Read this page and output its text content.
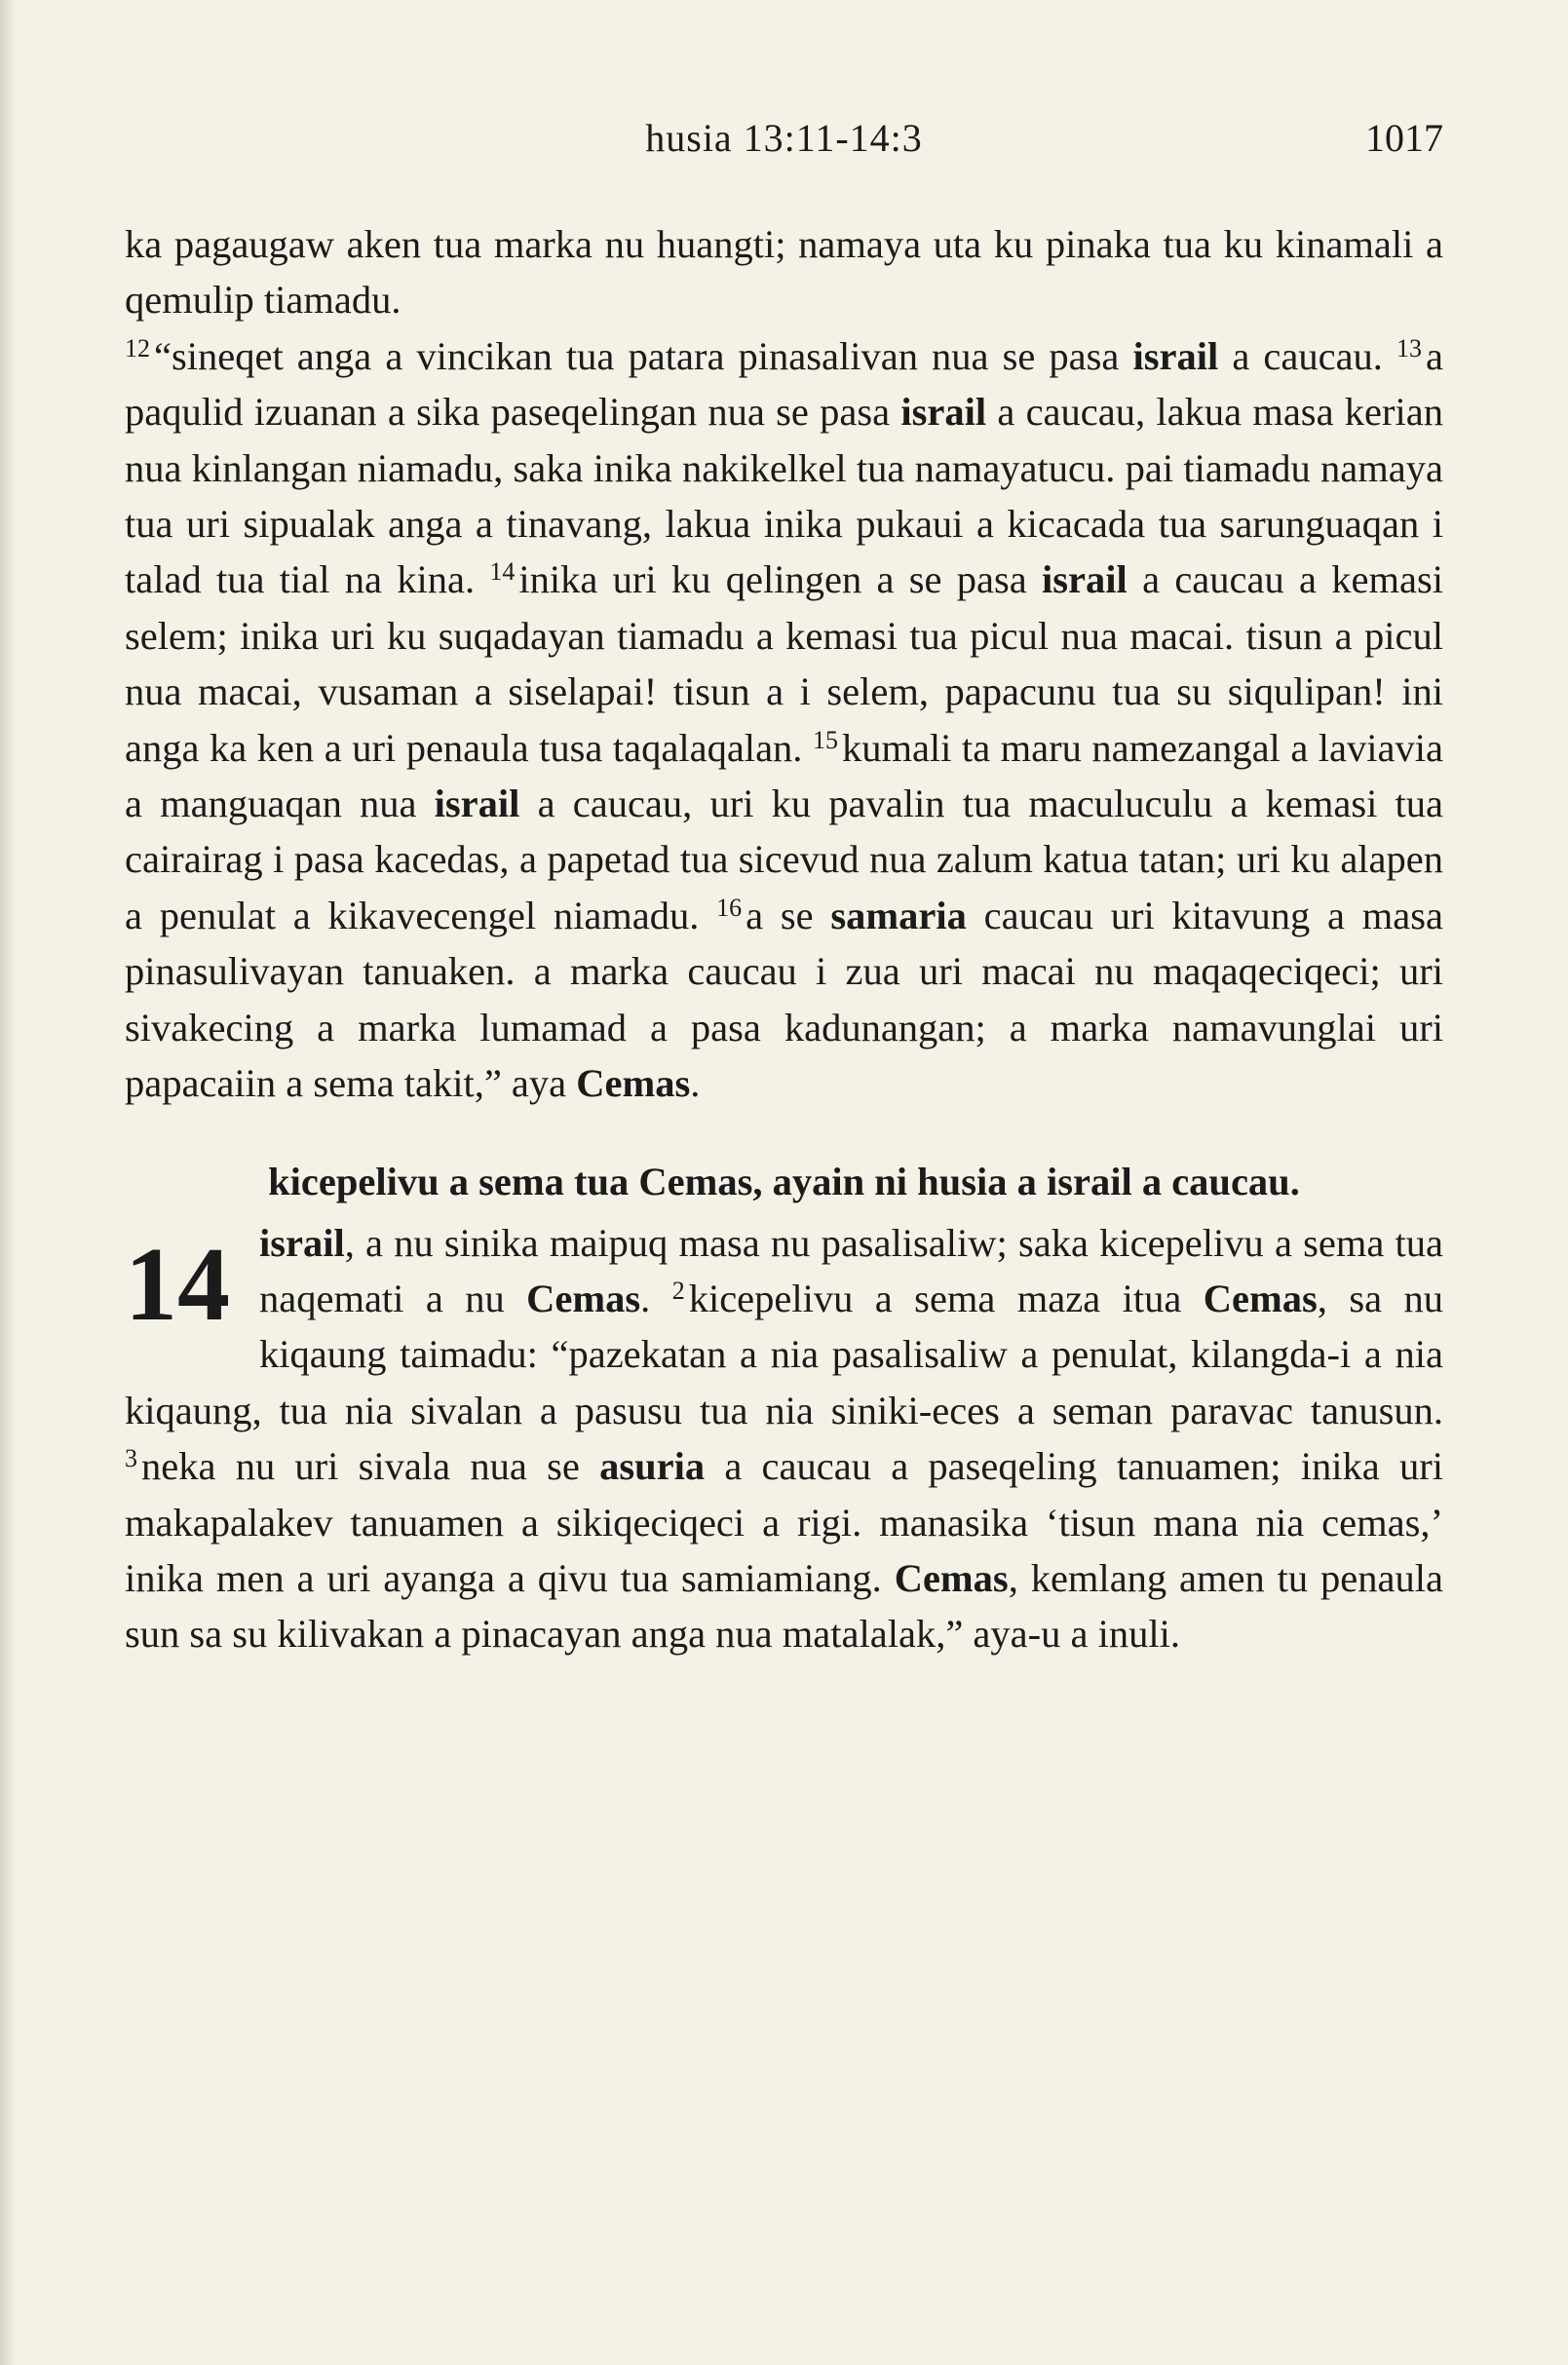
husia 13:11-14:3	1017

ka pagaugaw aken tua marka nu huangti; namaya uta ku pinaka tua ku kinamali a qemulip tiamadu.

$^{12}$“sineqet anga a vincikan tua patara pinasalivan nua se pasa israil a caucau. $^{13}$a paqulid izuanan a sika paseqelingan nua se pasa israil a caucau, lakua masa kerian nua kinlangan niamadu, saka inika nakikelkel tua namayatucu. pai tiamadu namaya tua uri sipualak anga a tinavang, lakua inika pukaui a kicacada tua sarunguaqan i talad tua tial na kina. $^{14}$inika uri ku qelingen a se pasa israil a caucau a kemasi selem; inika uri ku suqadayan tiamadu a kemasi tua picul nua macai. tisun a picul nua macai, vusaman a siselapai! tisun a i selem, papacunu tua su siqulipan! ini anga ka ken a uri penaula tusa taqalaqalan. $^{15}$kumali ta maru namezangal a laviavia a manguaqan nua israil a caucau, uri ku pavalin tua maculuculu a kemasi tua cairairag i pasa kacedas, a papetad tua sicevud nua zalum katua tatan; uri ku alapen a penulat a kikavecengel niamadu. $^{16}$a se samaria caucau uri kitavung a masa pinasulivayan tanuaken. a marka caucau i zua uri macai nu maqaqeciqeci; uri sivakecing a marka lumamad a pasa kadunangan; a marka namavunglai uri papacaiin a sema takit,” aya Cemas.

kicepelivu a sema tua Cemas, ayain ni husia a israil a caucau.

14 israil, a nu sinika maipuq masa nu pasalisaliw; saka kicepelivu a sema tua naqemati a nu Cemas. $^2$kicepelivu a sema maza itua Cemas, sa nu kiqaung taimadu: “pazekatan a nia pasalisaliw a penulat, kilangda-i a nia kiqaung, tua nia sivalan a pasusu tua nia siniki-eces a seman paravac tanusun. $^3$neka nu uri sivala nua se asuria a caucau a paseqeling tanuamen; inika uri makapalakev tanuamen a sikiqeciqeci a rigi. manasika ‘tisun mana nia cemas,’ inika men a uri ayanga a qivu tua samiamiang. Cemas, kemlang amen tu penaula sun sa su kilivakan a pinacayan anga nua matalalak,” aya-u a inuli.
